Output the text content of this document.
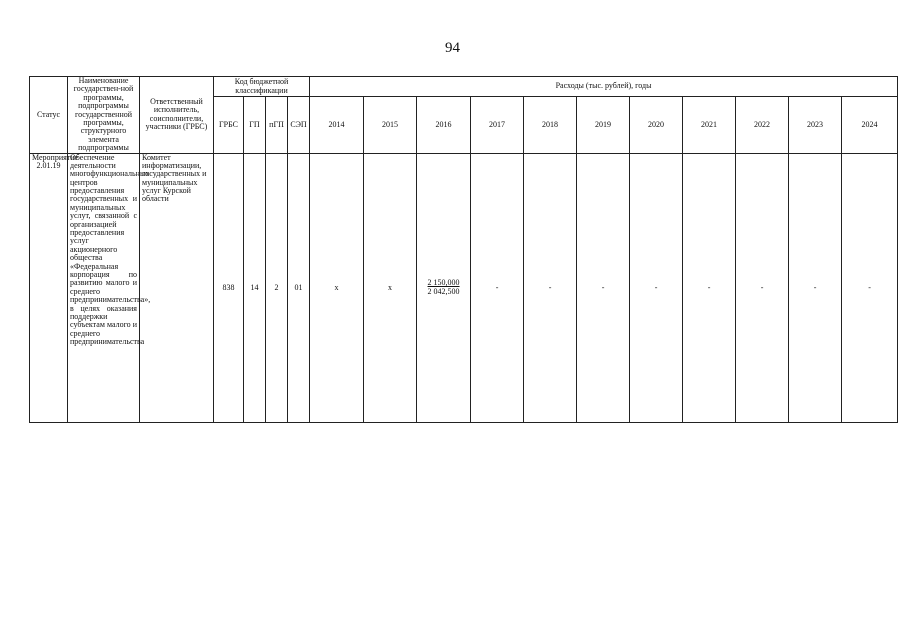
94
Статус	Наименование государствен-ной программы, подпрограммы государственной программы, структурного элемента подпрограммы	Ответственный исполнитель, соисполнители, участники (ГРБС)	Код бюджетной классификации				Расходы (тыс. рублей), годы										
			ГРБС	ГП	пГП	СЭП	2014	2015	2016	2017	2018	2019	2020	2021	2022	2023	2024
Мероприятие 2.01.19	Обеспечение деятельности многофункциональных центров предоставления государственных и муниципальных услут, связанной с организацией предоставления услуг акционерного общества «Федеральная корпорация по развитию малого и среднего предпринимательства», в целях оказания поддержки субъектам малого и среднего предпринимательства	Комитет информатизации, государственных и муниципальных услуг Курской области	838	14	2	01	х	х	2 150,000
2 042,500	-	-	-	-	-	-	-	-
